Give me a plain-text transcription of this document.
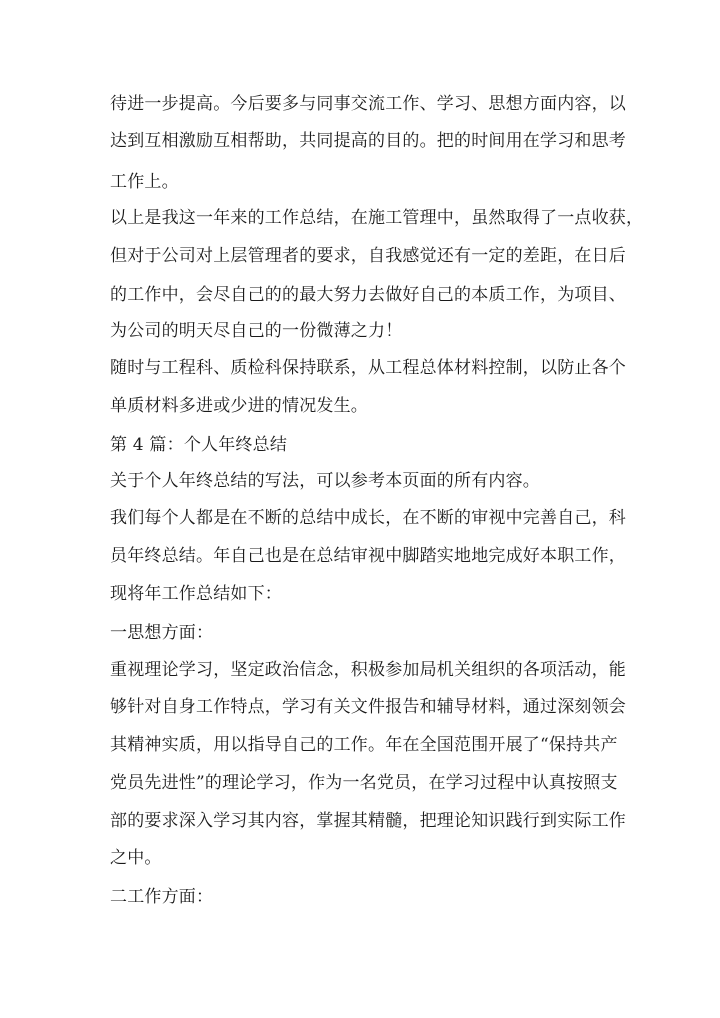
待进一步提高。今后要多与同事交流工作、学习、思想方面内容，以
达到互相激励互相帮助，共同提高的目的。把的时间用在学习和思考
工作上。
以上是我这一年来的工作总结，在施工管理中，虽然取得了一点收获，
但对于公司对上层管理者的要求，自我感觉还有一定的差距，在日后
的工作中，会尽自己的的最大努力去做好自己的本质工作，为项目、
为公司的明天尽自己的一份微薄之力！
随时与工程科、质检科保持联系，从工程总体材料控制，以防止各个
单质材料多进或少进的情况发生。
第 4 篇：个人年终总结
关于个人年终总结的写法，可以参考本页面的所有内容。
我们每个人都是在不断的总结中成长，在不断的审视中完善自己，科
员年终总结。年自己也是在总结审视中脚踏实地地完成好本职工作，
现将年工作总结如下：
一思想方面：
重视理论学习，坚定政治信念，积极参加局机关组织的各项活动，能
够针对自身工作特点，学习有关文件报告和辅导材料，通过深刻领会
其精神实质，用以指导自己的工作。年在全国范围开展了“保持共产
党员先进性”的理论学习，作为一名党员，在学习过程中认真按照支
部的要求深入学习其内容，掌握其精髓，把理论知识践行到实际工作
之中。
二工作方面：
